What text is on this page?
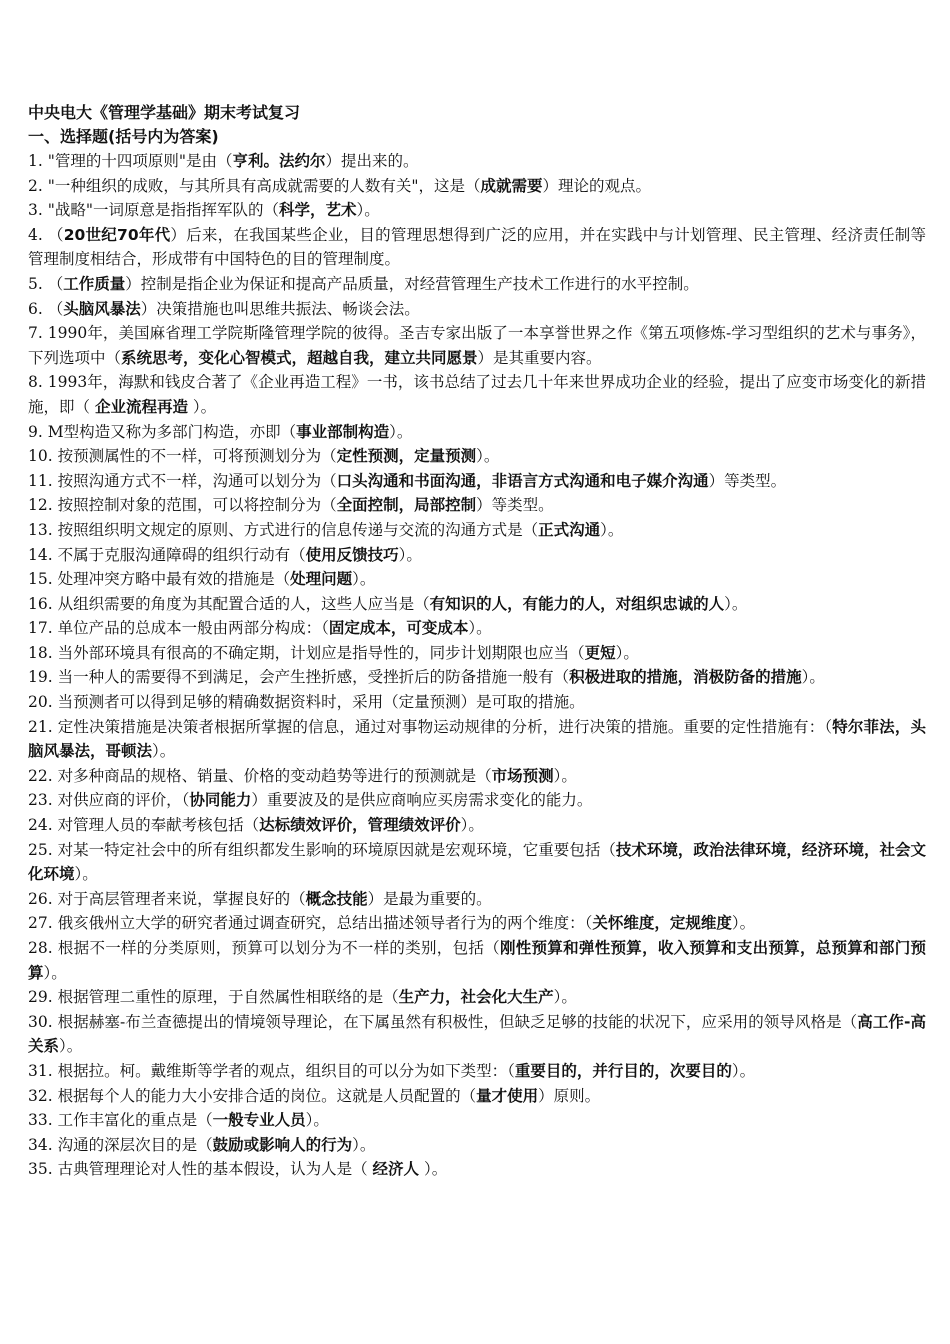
中央电大《管理学基础》期末考试复习
一、选择题(括号内为答案)
1. "管理的十四项原则"是由（亨利。法约尔）提出来的。
2. "一种组织的成败，与其所具有高成就需要的人数有关"，这是（成就需要）理论的观点。
3. "战略"一词原意是指指挥军队的（科学，艺术）。
4. （20世纪70年代）后来，在我国某些企业，目的管理思想得到广泛的应用，并在实践中与计划管理、民主管理、经济责任制等管理制度相结合，形成带有中国特色的目的管理制度。
5. （工作质量）控制是指企业为保证和提高产品质量，对经营管理生产技术工作进行的水平控制。
6. （头脑风暴法）决策措施也叫思维共振法、畅谈会法。
7. 1990年，美国麻省理工学院斯隆管理学院的彼得。圣吉专家出版了一本享誉世界之作《第五项修炼-学习型组织的艺术与事务》，下列选项中（系统思考，变化心智模式，超越自我，建立共同愿景）是其重要内容。
8. 1993年，海默和钱皮合著了《企业再造工程》一书，该书总结了过去几十年来世界成功企业的经验，提出了应变市场变化的新措施，即（ 企业流程再造 ）。
9. M型构造又称为多部门构造，亦即（事业部制构造）。
10. 按预测属性的不一样，可将预测划分为（定性预测，定量预测）。
11. 按照沟通方式不一样，沟通可以划分为（口头沟通和书面沟通，非语言方式沟通和电子媒介沟通）等类型。
12. 按照控制对象的范围，可以将控制分为（全面控制，局部控制）等类型。
13. 按照组织明文规定的原则、方式进行的信息传递与交流的沟通方式是（正式沟通）。
14. 不属于克服沟通障碍的组织行动有（使用反馈技巧）。
15. 处理冲突方略中最有效的措施是（处理问题）。
16. 从组织需要的角度为其配置合适的人，这些人应当是（有知识的人，有能力的人，对组织忠诚的人）。
17. 单位产品的总成本一般由两部分构成：（固定成本，可变成本）。
18. 当外部环境具有很高的不确定期，计划应是指导性的，同步计划期限也应当（更短）。
19. 当一种人的需要得不到满足，会产生挫折感，受挫折后的防备措施一般有（积极进取的措施，消极防备的措施）。
20. 当预测者可以得到足够的精确数据资料时，采用（定量预测）是可取的措施。
21. 定性决策措施是决策者根据所掌握的信息，通过对事物运动规律的分析，进行决策的措施。重要的定性措施有：（特尔菲法，头脑风暴法，哥顿法）。
22. 对多种商品的规格、销量、价格的变动趋势等进行的预测就是（市场预测）。
23. 对供应商的评价，（协同能力）重要波及的是供应商响应买房需求变化的能力。
24. 对管理人员的奉献考核包括（达标绩效评价，管理绩效评价）。
25. 对某一特定社会中的所有组织都发生影响的环境原因就是宏观环境，它重要包括（技术环境，政治法律环境，经济环境，社会文化环境）。
26. 对于高层管理者来说，掌握良好的（概念技能）是最为重要的。
27. 俄亥俄州立大学的研究者通过调查研究，总结出描述领导者行为的两个维度：（关怀维度，定规维度）。
28. 根据不一样的分类原则，预算可以划分为不一样的类别，包括（刚性预算和弹性预算，收入预算和支出预算，总预算和部门预算）。
29. 根据管理二重性的原理，于自然属性相联络的是（生产力，社会化大生产）。
30. 根据赫塞-布兰查德提出的情境领导理论，在下属虽然有积极性，但缺乏足够的技能的状况下，应采用的领导风格是（高工作-高关系）。
31. 根据拉。柯。戴维斯等学者的观点，组织目的可以分为如下类型：（重要目的，并行目的，次要目的）。
32. 根据每个人的能力大小安排合适的岗位。这就是人员配置的（量才使用）原则。
33. 工作丰富化的重点是（一般专业人员）。
34. 沟通的深层次目的是（鼓励或影响人的行为）。
35. 古典管理理论对人性的基本假设，认为人是（ 经济人 ）。
